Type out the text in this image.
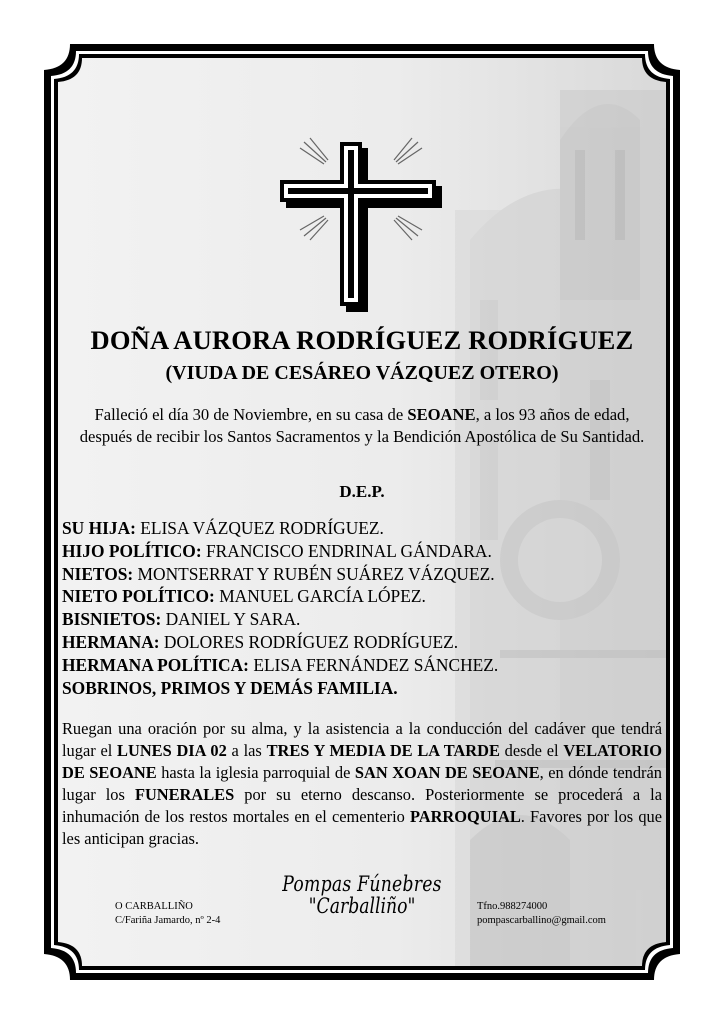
DOÑA AURORA RODRÍGUEZ RODRÍGUEZ
(VIUDA DE CESÁREO VÁZQUEZ OTERO)
Falleció el día 30 de Noviembre, en su casa de SEOANE, a los 93 años de edad, después de recibir los Santos Sacramentos y la Bendición Apostólica de Su Santidad.
D.E.P.
SU HIJA: ELISA VÁZQUEZ RODRÍGUEZ.
HIJO POLÍTICO: FRANCISCO ENDRINAL GÁNDARA.
NIETOS: MONTSERRAT Y RUBÉN SUÁREZ VÁZQUEZ.
NIETO POLÍTICO: MANUEL GARCÍA LÓPEZ.
BISNIETOS: DANIEL Y SARA.
HERMANA: DOLORES RODRÍGUEZ RODRÍGUEZ.
HERMANA POLÍTICA: ELISA FERNÁNDEZ SÁNCHEZ.
SOBRINOS, PRIMOS Y DEMÁS FAMILIA.
Ruegan una oración por su alma, y la asistencia a la conducción del cadáver que tendrá lugar el LUNES DIA 02 a las TRES Y MEDIA DE LA TARDE desde el VELATORIO DE SEOANE hasta la iglesia parroquial de SAN XOAN DE SEOANE, en dónde tendrán lugar los FUNERALES por su eterno descanso. Posteriormente se procederá a la inhumación de los restos mortales en el cementerio PARROQUIAL. Favores por los que les anticipan gracias.
O CARBALLIÑO
C/Fariña Jamardo, nº 2-4
Pompas Fúnebres
"Carballiño"	Tfno.988274000
pompascarballino@gmail.com
